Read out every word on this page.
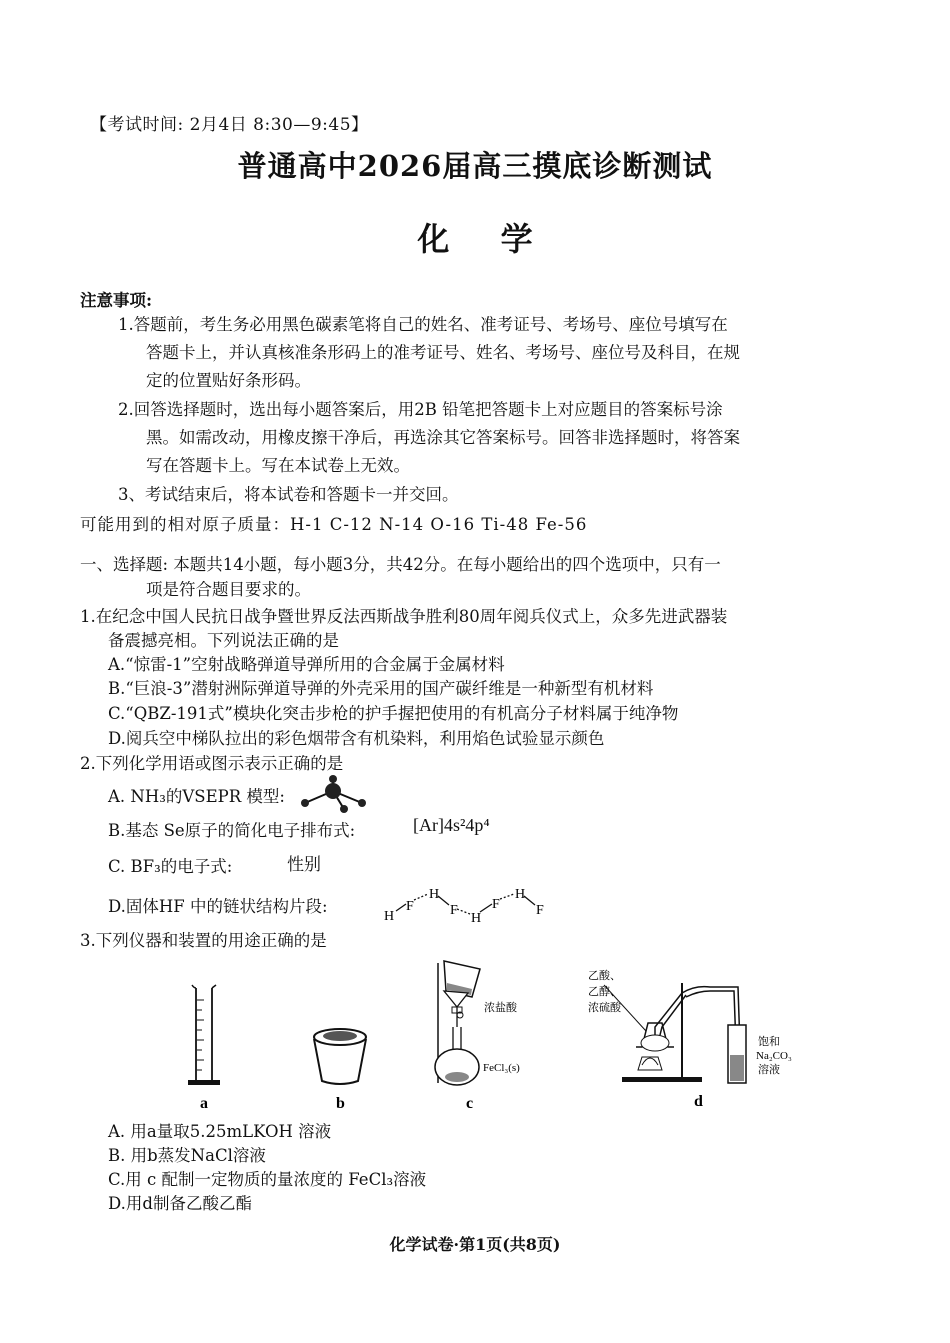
【考试时间: 2月4日 8:30—9:45】
普通高中2026届高三摸底诊断测试
化 学
注意事项:
1.答题前，考生务必用黑色碳素笔将自己的姓名、准考证号、考场号、座位号填写在
答题卡上，并认真核准条形码上的准考证号、姓名、考场号、座位号及科目，在规
定的位置贴好条形码。
2.回答选择题时，选出每小题答案后，用2B 铅笔把答题卡上对应题目的答案标号涂
黑。如需改动，用橡皮擦干净后，再选涂其它答案标号。回答非选择题时，将答案
写在答题卡上。写在本试卷上无效。
3、考试结束后，将本试卷和答题卡一并交回。
可能用到的相对原子质量：H-1 C-12 N-14 O-16 Ti-48 Fe-56
一、选择题: 本题共14小题，每小题3分，共42分。在每小题给出的四个选项中，只有一
项是符合题目要求的。
1.在纪念中国人民抗日战争暨世界反法西斯战争胜利80周年阅兵仪式上，众多先进武器装
备震撼亮相。下列说法正确的是
A.“惊雷-1”空射战略弹道导弹所用的合金属于金属材料
B.“巨浪-3”潜射洲际弹道导弹的外壳采用的国产碳纤维是一种新型有机材料
C.“QBZ-191式”模块化突击步枪的护手握把使用的有机高分子材料属于纯净物
D.阅兵空中梯队拉出的彩色烟带含有机染料，利用焰色试验显示颜色
2.下列化学用语或图示表示正确的是
A. NH₃的VSEPR 模型:
B.基态 Se原子的简化电子排布式:	[Ar]4s²4p⁴
C. BF₃的电子式:	性别
D.固体HF 中的链状结构片段:
H
F
H
F
H
F
H
F
3.下列仪器和装置的用途正确的是
a	b
浓盐酸
FeCl₃(s)
c
乙酸、
乙醇、
浓硫酸
饱和
Na₂CO₃
溶液
d
A. 用a量取5.25mLKOH 溶液
B. 用b蒸发NaCl溶液
C.用 c 配制一定物质的量浓度的 FeCl₃溶液
D.用d制备乙酸乙酯
化学试卷·第1页(共8页)
